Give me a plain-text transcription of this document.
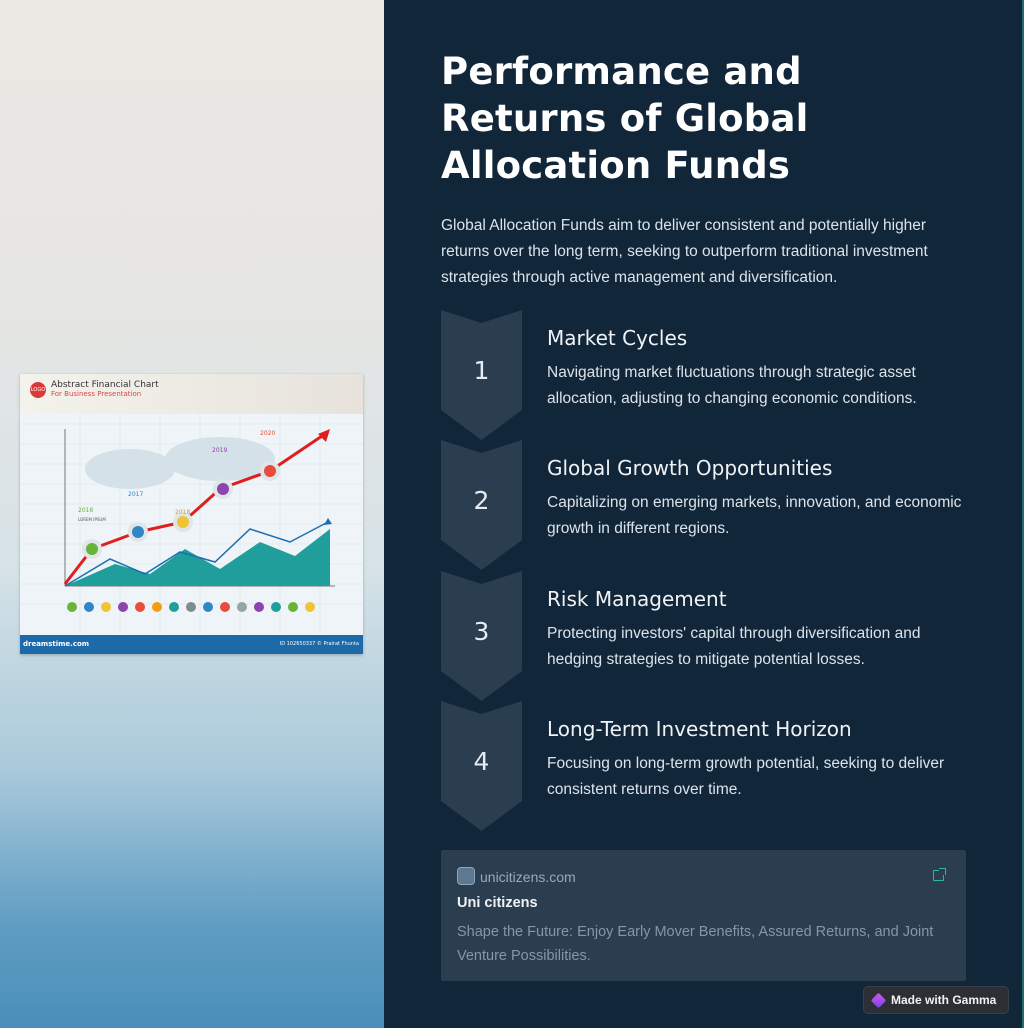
LOGO Abstract Financial Chart
For Business Presentation
2016
2017
2018
2019
2020
LOREM IPSUM
dreamstime.com	ID 102650337 © Prairat Fhunta
Performance and Returns of Global Allocation Funds

Global Allocation Funds aim to deliver consistent and potentially higher returns over the long term, seeking to outperform traditional investment strategies through active management and diversification.

1
Market Cycles
Navigating market fluctuations through strategic asset allocation, adjusting to changing economic conditions.
2
Global Growth Opportunities
Capitalizing on emerging markets, innovation, and economic growth in different regions.
3
Risk Management
Protecting investors' capital through diversification and hedging strategies to mitigate potential losses.
4
Long-Term Investment Horizon
Focusing on long-term growth potential, seeking to deliver consistent returns over time.
unicitizens.com
Uni citizens
Shape the Future: Enjoy Early Mover Benefits, Assured Returns, and Joint Venture Possibilities.
Made with Gamma
